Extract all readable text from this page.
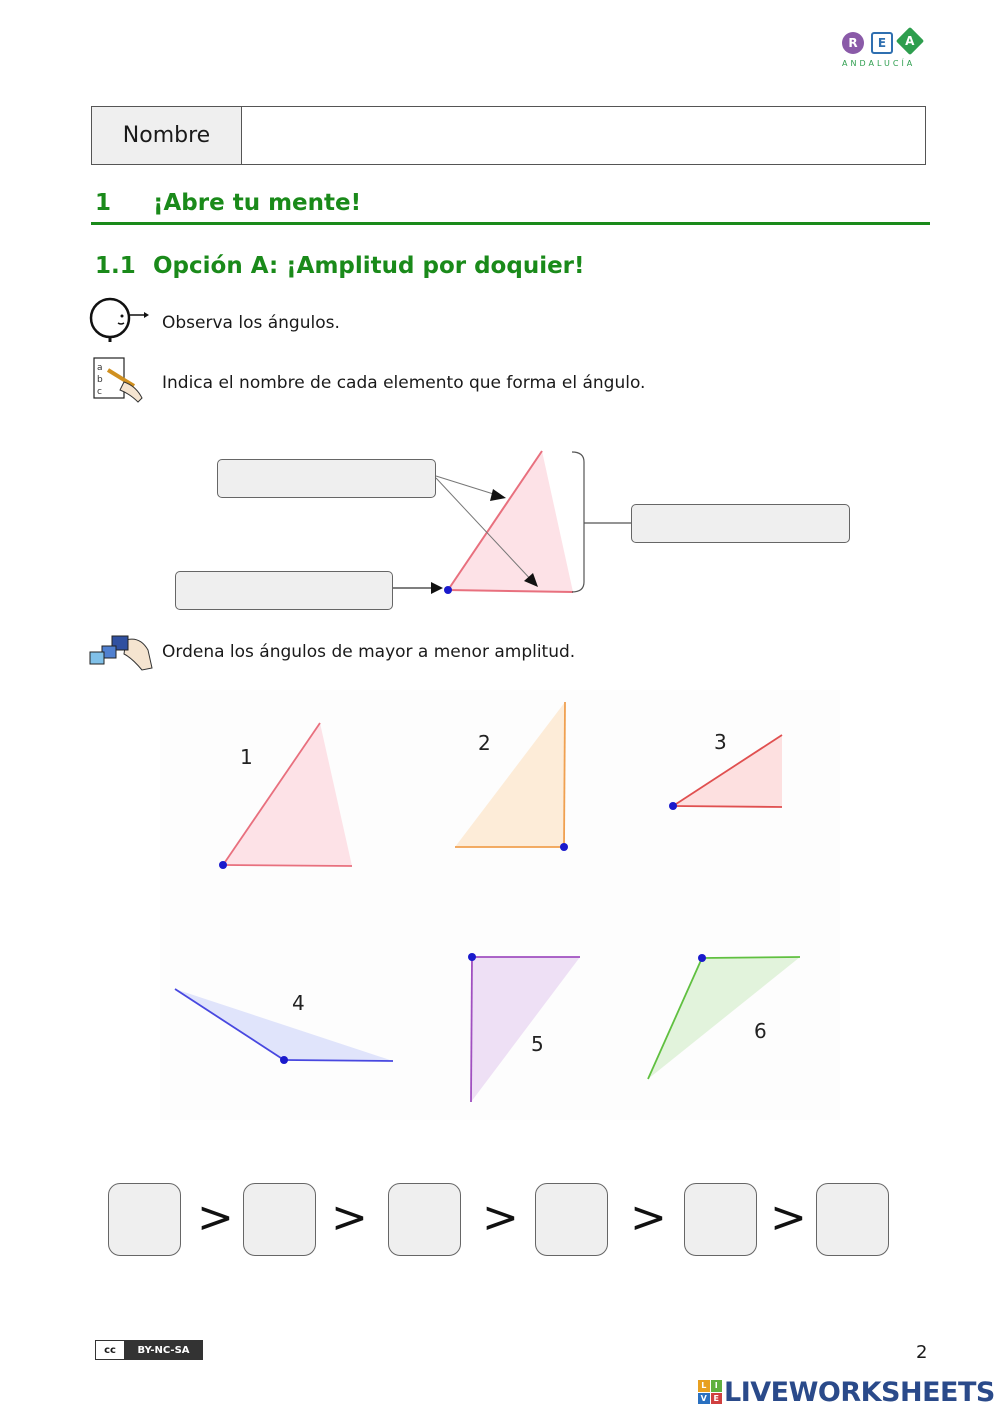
R	E	A
ANDALUCÍA
Nombre
1 ¡Abre tu mente!
1.1 Opción A: ¡Amplitud por doquier!
Observa los ángulos.
a
b
c	Indica el nombre de cada elemento que forma el ángulo.
Ordena los ángulos de mayor a menor amplitud.
1
2	3
4
5
6
> >	>	> >
cc	BY-NC-SA	2
L	I
V E LIVEWORKSHEETS
